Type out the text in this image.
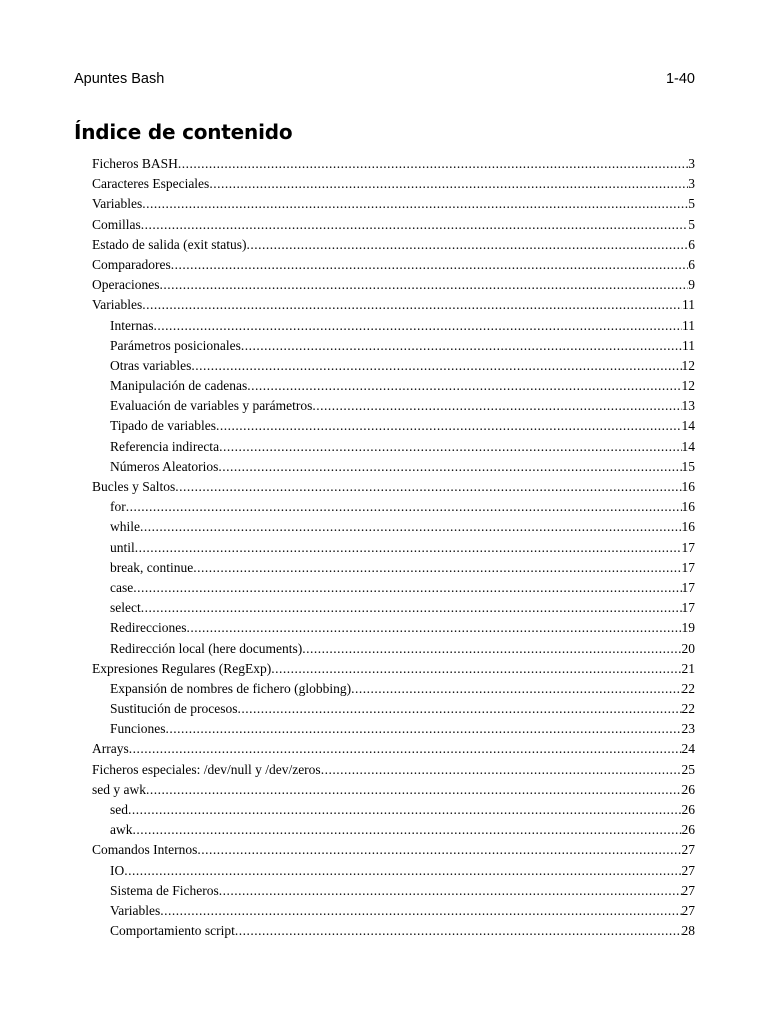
Apuntes Bash	1-40
Índice de contenido
Ficheros BASH .....	3
Caracteres Especiales .....	3
Variables .....	5
Comillas .....	5
Estado de salida (exit status) .....	6
Comparadores .....	6
Operaciones .....	9
Variables .....	11
Internas .....	11
Parámetros posicionales .....	11
Otras variables .....	12
Manipulación de cadenas .....	12
Evaluación de variables y parámetros .....	13
Tipado de variables .....	14
Referencia indirecta .....	14
Números Aleatorios .....	15
Bucles y Saltos .....	16
for .....	16
while .....	16
until .....	17
break, continue .....	17
case .....	17
select .....	17
Redirecciones .....	19
Redirección local (here documents) .....	20
Expresiones Regulares (RegExp) .....	21
Expansión de nombres de fichero (globbing) .....	22
Sustitución de procesos .....	22
Funciones .....	23
Arrays .....	24
Ficheros especiales: /dev/null y /dev/zeros .....	25
sed y awk .....	26
sed .....	26
awk .....	26
Comandos Internos .....	27
IO .....	27
Sistema de Ficheros .....	27
Variables .....	27
Comportamiento script .....	28
